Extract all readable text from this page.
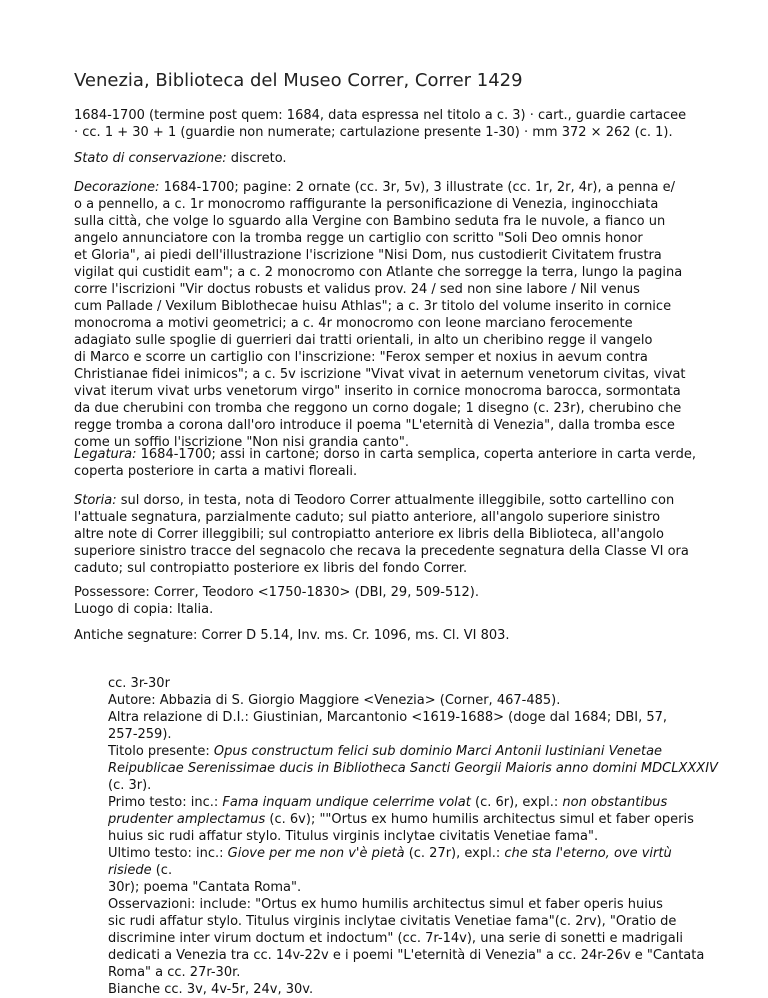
Venezia, Biblioteca del Museo Correr, Correr 1429
1684-1700 (termine post quem: 1684, data espressa nel titolo a c. 3) · cart., guardie cartacee
· cc. 1 + 30 + 1 (guardie non numerate; cartulazione presente 1-30) · mm 372 × 262 (c. 1).
Stato di conservazione: discreto.
Decorazione: 1684-1700; pagine: 2 ornate (cc. 3r, 5v), 3 illustrate (cc. 1r, 2r, 4r), a penna e/
o a pennello, a c. 1r monocromo raffigurante la personificazione di Venezia, inginocchiata
sulla città, che volge lo sguardo alla Vergine con Bambino seduta fra le nuvole, a fianco un
angelo annunciatore con la tromba regge un cartiglio con scritto "Soli Deo omnis honor
et Gloria", ai piedi dell'illustrazione l'iscrizione "Nisi Dom, nus custodierit Civitatem frustra
vigilat qui custidit eam"; a c. 2 monocromo con Atlante che sorregge la terra, lungo la pagina
corre l'iscrizioni "Vir doctus robusts et validus prov. 24 / sed non sine labore / Nil venus
cum Pallade / Vexilum Biblothecae huisu Athlas"; a c. 3r titolo del volume inserito in cornice
monocroma a motivi geometrici; a c. 4r monocromo con leone marciano ferocemente
adagiato sulle spoglie di guerrieri dai tratti orientali, in alto un cheribino regge il vangelo
di Marco e scorre un cartiglio con l'inscrizione: "Ferox semper et noxius in aevum contra
Christianae fidei inimicos"; a c. 5v iscrizione "Vivat vivat in aeternum venetorum civitas, vivat
vivat iterum vivat urbs venetorum virgo" inserito in cornice monocroma barocca, sormontata
da due cherubini con tromba che reggono un corno dogale; 1 disegno (c. 23r), cherubino che
regge tromba a corona dall'oro introduce il poema "L'eternità di Venezia", dalla tromba esce
come un soffio l'iscrizione "Non nisi grandia canto".
Legatura: 1684-1700; assi in cartone; dorso in carta semplica, coperta anteriore in carta verde,
coperta posteriore in carta a mativi floreali.
Storia: sul dorso, in testa, nota di Teodoro Correr attualmente illeggibile, sotto cartellino con
l'attuale segnatura, parzialmente caduto; sul piatto anteriore, all'angolo superiore sinistro
altre note di Correr illeggibili; sul contropiatto anteriore ex libris della Biblioteca, all'angolo
superiore sinistro tracce del segnacolo che recava la precedente segnatura della Classe VI ora
caduto; sul contropiatto posteriore ex libris del fondo Correr.
Possessore: Correr, Teodoro <1750-1830> (DBI, 29, 509-512).
Luogo di copia: Italia.
Antiche segnature: Correr D 5.14, Inv. ms. Cr. 1096, ms. Cl. VI 803.
cc. 3r-30r
Autore: Abbazia di S. Giorgio Maggiore <Venezia> (Corner, 467-485).
Altra relazione di D.I.: Giustinian, Marcantonio <1619-1688> (doge dal 1684; DBI, 57,
257-259).
Titolo presente: Opus constructum felici sub dominio Marci Antonii Iustiniani Venetae
Reipublicae Serenissimae ducis in Bibliotheca Sancti Georgii Maioris anno domini MDCLXXXIV
(c. 3r).
Primo testo: inc.: Fama inquam undique celerrime volat (c. 6r), expl.: non obstantibus
prudenter amplectamus (c. 6v); ""Ortus ex humo humilis architectus simul et faber operis
huius sic rudi affatur stylo. Titulus virginis inclytae civitatis Venetiae fama".
Ultimo testo: inc.: Giove per me non v'è pietà (c. 27r), expl.: che sta l'eterno, ove virtù risiede (c.
30r); poema "Cantata Roma".
Osservazioni: include: "Ortus ex humo humilis architectus simul et faber operis huius
sic rudi affatur stylo. Titulus virginis inclytae civitatis Venetiae fama"(c. 2rv), "Oratio de
discrimine inter virum doctum et indoctum" (cc. 7r-14v), una serie di sonetti e madrigali
dedicati a Venezia tra cc. 14v-22v e i poemi "L'eternità di Venezia" a cc. 24r-26v e "Cantata
Roma" a cc. 27r-30r.
Bianche cc. 3v, 4v-5r, 24v, 30v.
